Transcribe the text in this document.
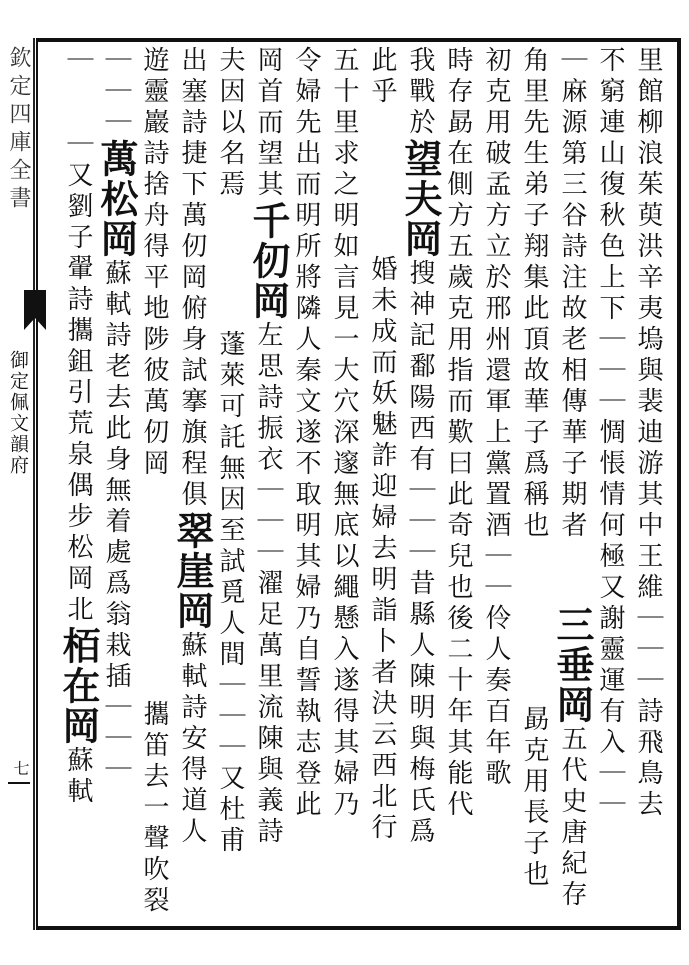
欽定四庫全書
御定佩文韻府
七	里館柳浪茱萸洪辛夷塢與裴迪游其中王維｜｜｜詩飛鳥去
不窮連山復秋色上下｜｜｜惆悵情何極又謝靈運有入｜｜
｜麻源第三谷詩注故老相傳華子期者
三垂岡五代史唐紀存
角里先生弟子翔集此頂故華子爲稱也
勗克用長子也
初克用破孟方立於邢州還軍上黨置酒｜｜伶人奏百年歌
時存勗在側方五歲克用指而歎曰此奇兒也後二十年其能代
我戰於望夫岡搜神記鄱陽西有｜｜｜昔縣人陳明與梅氏爲
此乎
婚未成而妖魅詐迎婦去明詣卜者決云西北行
五十里求之明如言見一大穴深邃無底以繩懸入遂得其婦乃
令婦先出而明所將隣人秦文遂不取明其婦乃自誓執志登此
岡首而望其千仞岡左思詩振衣｜｜｜濯足萬里流陳與義詩
夫因以名焉
蓬萊可託無因至試覓人間｜｜｜又杜甫
出塞詩捷下萬仞岡俯身試搴旗程俱翠崖岡蘇軾詩安得道人
遊靈巖詩捨舟得平地陟彼萬仞岡
攜笛去一聲吹裂
｜｜｜萬松岡蘇軾詩老去此身無着處爲翁栽插｜｜｜
｜
｜又劉子翬詩攜鉏引荒泉偶步松岡北栢在岡蘇軾
